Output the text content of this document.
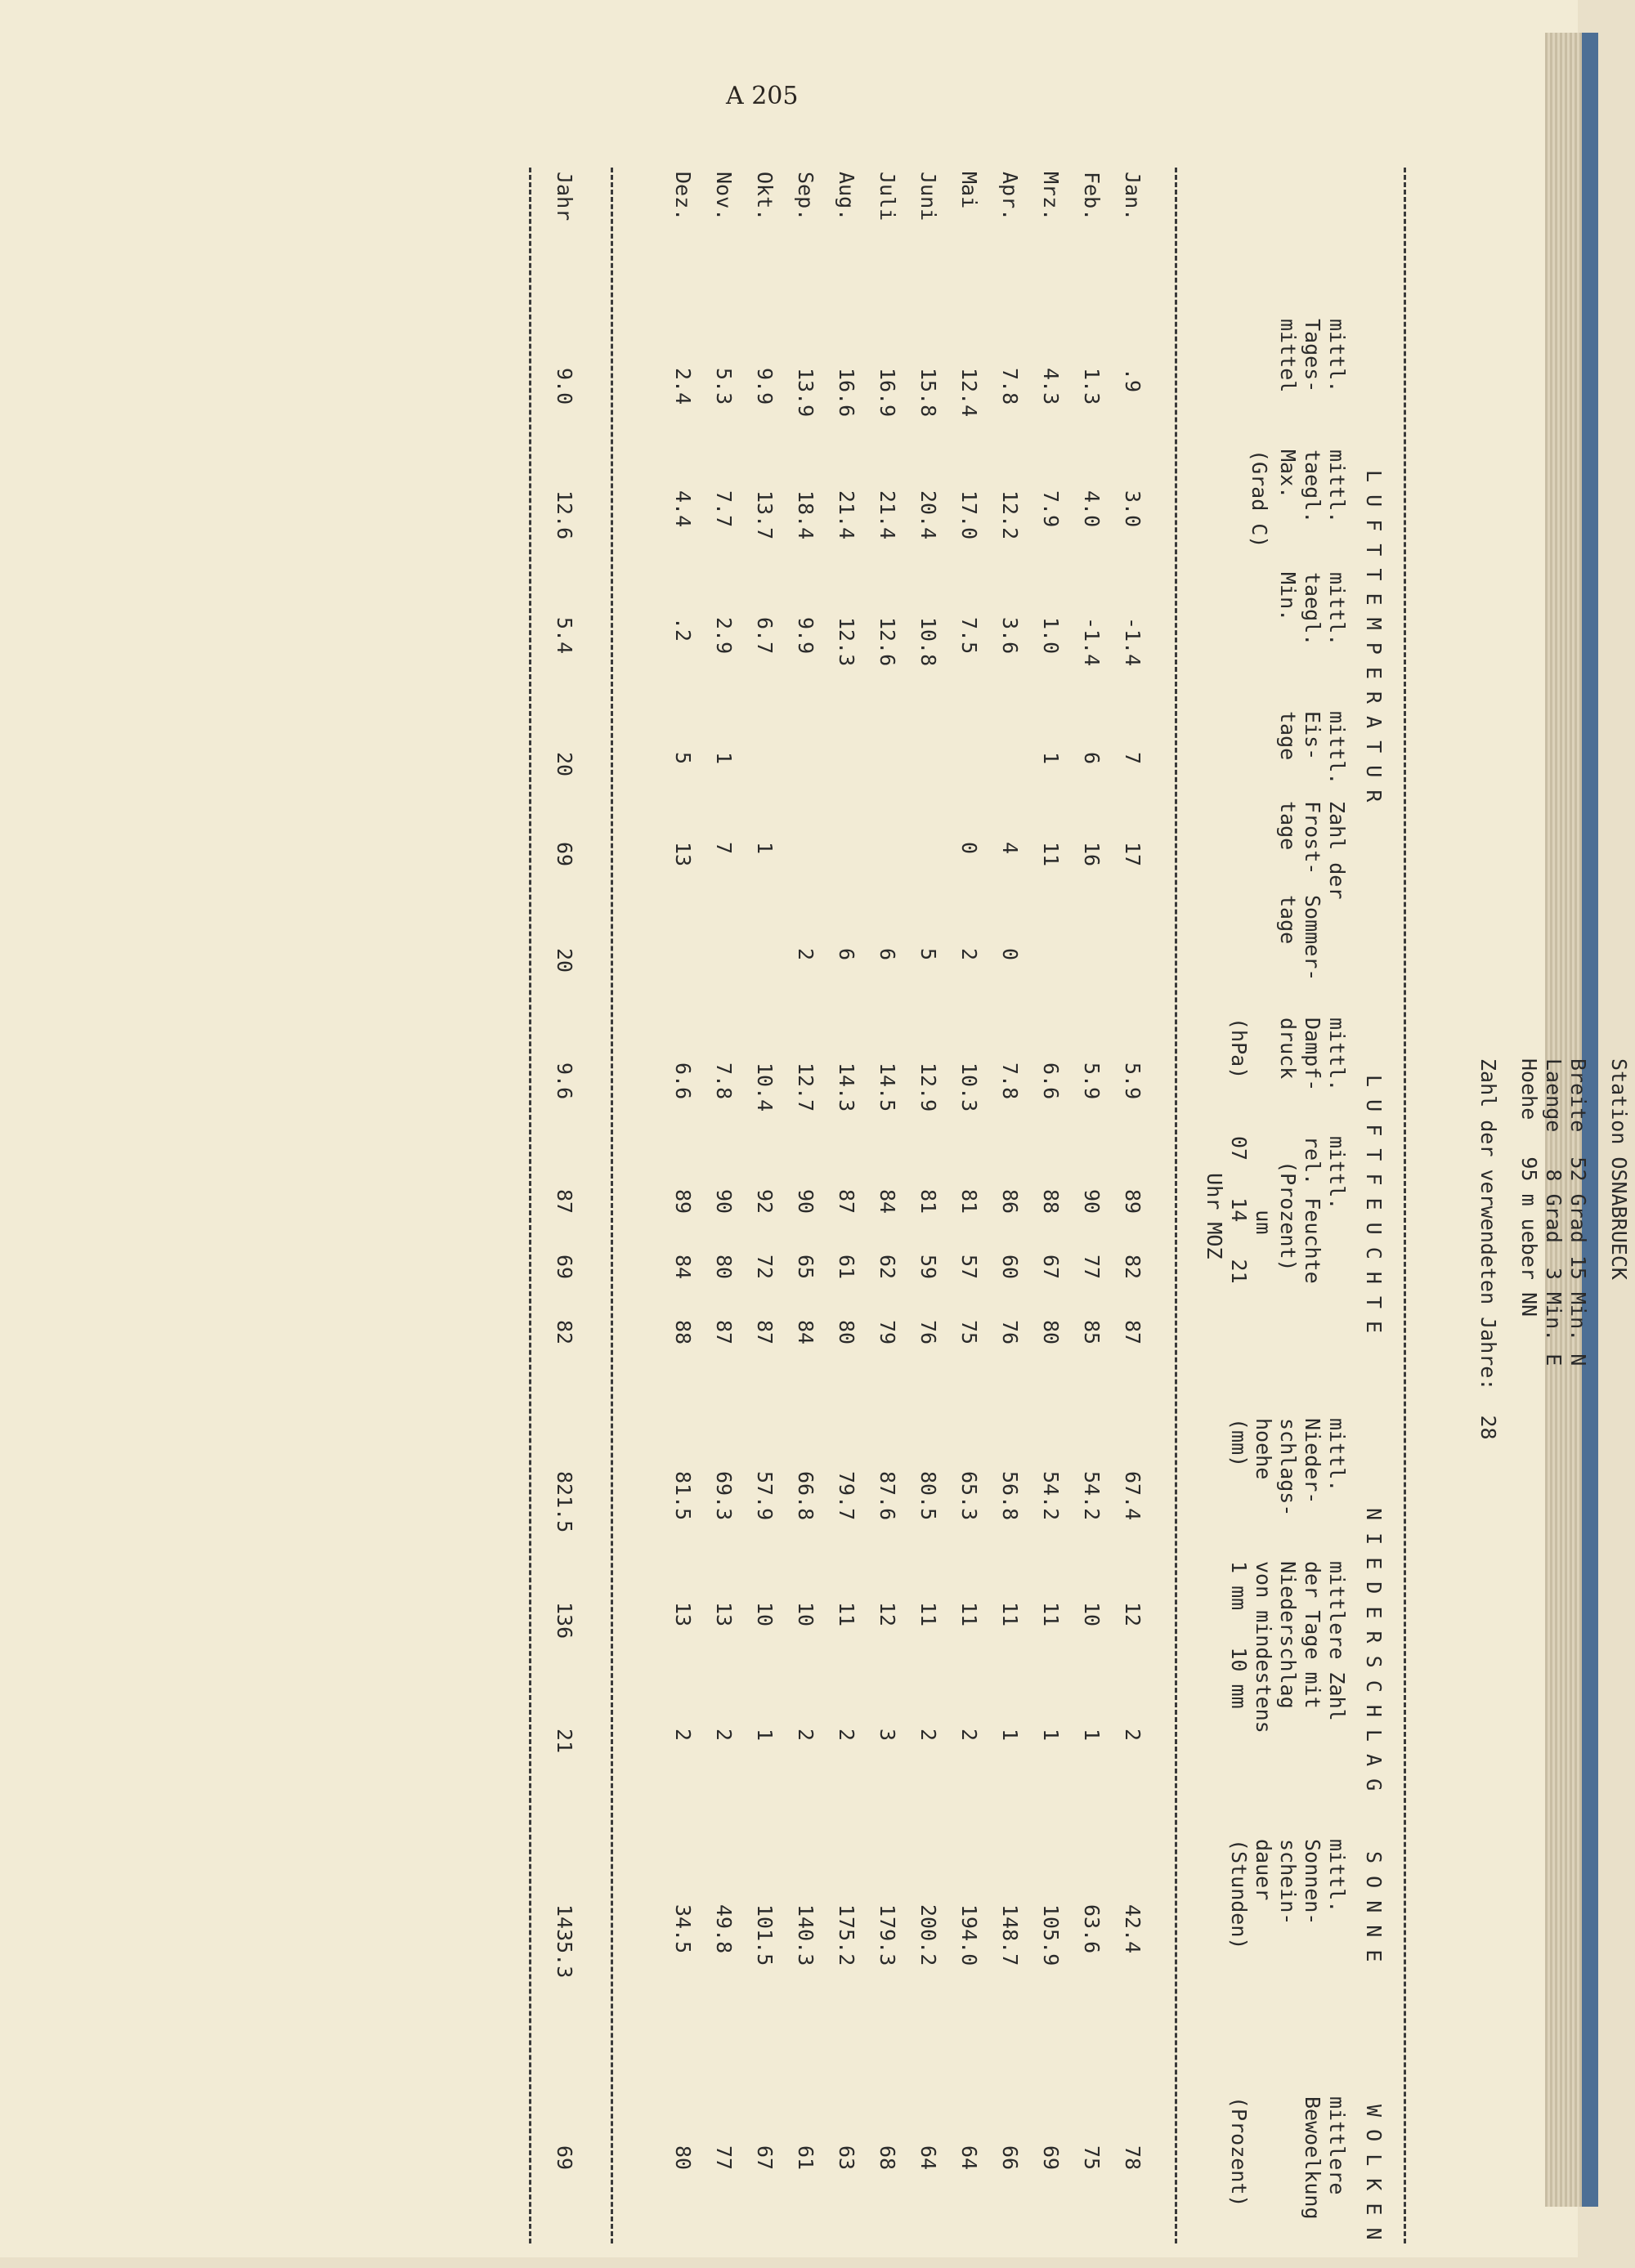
A 205
Station OSNABRUECK
Breite  52 Grad 15 Min. N
Laenge   8 Grad  3 Min. E
Hoehe   95 m ueber NN
Zahl der verwendeten Jahre:  28
L U F T T E M P E R A T U R
L U F T F E U C H T E
N I E D E R S C H L A G
S O N N E
W O L K E N
mittl.
Tages-
mittel
mittl.
taegl.
Max.
mittl.
taegl.
Min.
(Grad C)
mittl.
Eis-
tage
Zahl der
Frost-
tage
Sommer-
tage
mittl.
Dampf-
druck

(hPa)
mittl.
rel. Feuchte
(Prozent)
um
07   14   21
Uhr MOZ
mittl.
Nieder-
schlags-
hoehe
(mm)
mittlere Zahl
der Tage mit
Niederschlag
von mindestens
1 mm   10 mm
mittl.
Sonnen-
schein-
dauer
(Stunden)
mittlere
Bewoelkung

(Prozent)
Jan.
.9
3.0
-1.4
7
17
5.9
89
82
87
67.4
12
2
42.4
78
Feb.
1.3
4.0
-1.4
6
16
5.9
90
77
85
54.2
10
1
63.6
75
Mrz.
4.3
7.9
1.0
1
11
6.6
88
67
80
54.2
11
1
105.9
69
Apr.
7.8
12.2
3.6
4
0
7.8
86
60
76
56.8
11
1
148.7
66
Mai
12.4
17.0
7.5
0
2
10.3
81
57
75
65.3
11
2
194.0
64
Juni
15.8
20.4
10.8
5
12.9
81
59
76
80.5
11
2
200.2
64
Juli
16.9
21.4
12.6
6
14.5
84
62
79
87.6
12
3
179.3
68
Aug.
16.6
21.4
12.3
6
14.3
87
61
80
79.7
11
2
175.2
63
Sep.
13.9
18.4
9.9
2
12.7
90
65
84
66.8
10
2
140.3
61
Okt.
9.9
13.7
6.7
1
10.4
92
72
87
57.9
10
1
101.5
67
Nov.
5.3
7.7
2.9
1
7
7.8
90
80
87
69.3
13
2
49.8
77
Dez.
2.4
4.4
.2
5
13
6.6
89
84
88
81.5
13
2
34.5
80
Jahr
9.0
12.6
5.4
20
69
20
9.6
87
69
82
821.5
136
21
1435.3
69
